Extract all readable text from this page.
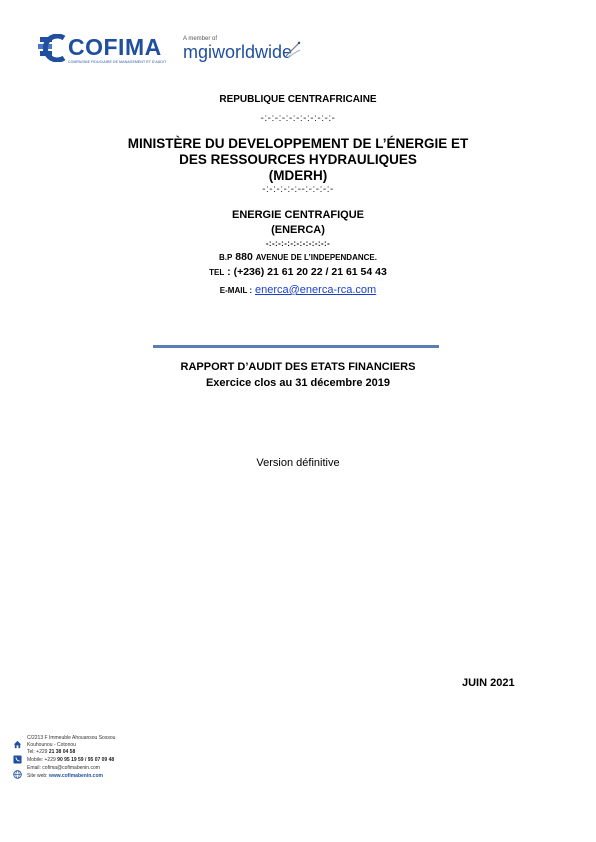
COFIMA
COMPAGNIE FIDUCIAIRE DE MANAGEMENT ET D'AUDIT
A member of
mgiworldwide
REPUBLIQUE CENTRAFRICAINE
-:-:-:-:-:-:-:-:-:-:-
MINISTÈRE DU DEVELOPPEMENT DE L’ÉNERGIE ET
DES RESSOURCES HYDRAULIQUES
(MDERH)
-:-:-:-:-:--:-:-:-:-
ENERGIE CENTRAFIQUE
(ENERCA)
-:-:-:-:-:-:-:-:-:-:-
B.P 880 AVENUE DE L’INDEPENDANCE.
TEL : (+236) 21 61 20 22 / 21 61 54 43
E-MAIL : enerca@enerca-rca.com
RAPPORT D’AUDIT DES ETATS FINANCIERS
Exercice clos au 31 décembre 2019
Version définitive
JUIN 2021
C/2213 F Immeuble Ahouansou Sossou
Kouhounou - Cotonou
Tel: +229 21 38 04 58
Mobile: +229 90 95 19 59 / 95 07 09 48
Email: cofima@cofimabenin.com
Site web: www.cofimabenin.com
